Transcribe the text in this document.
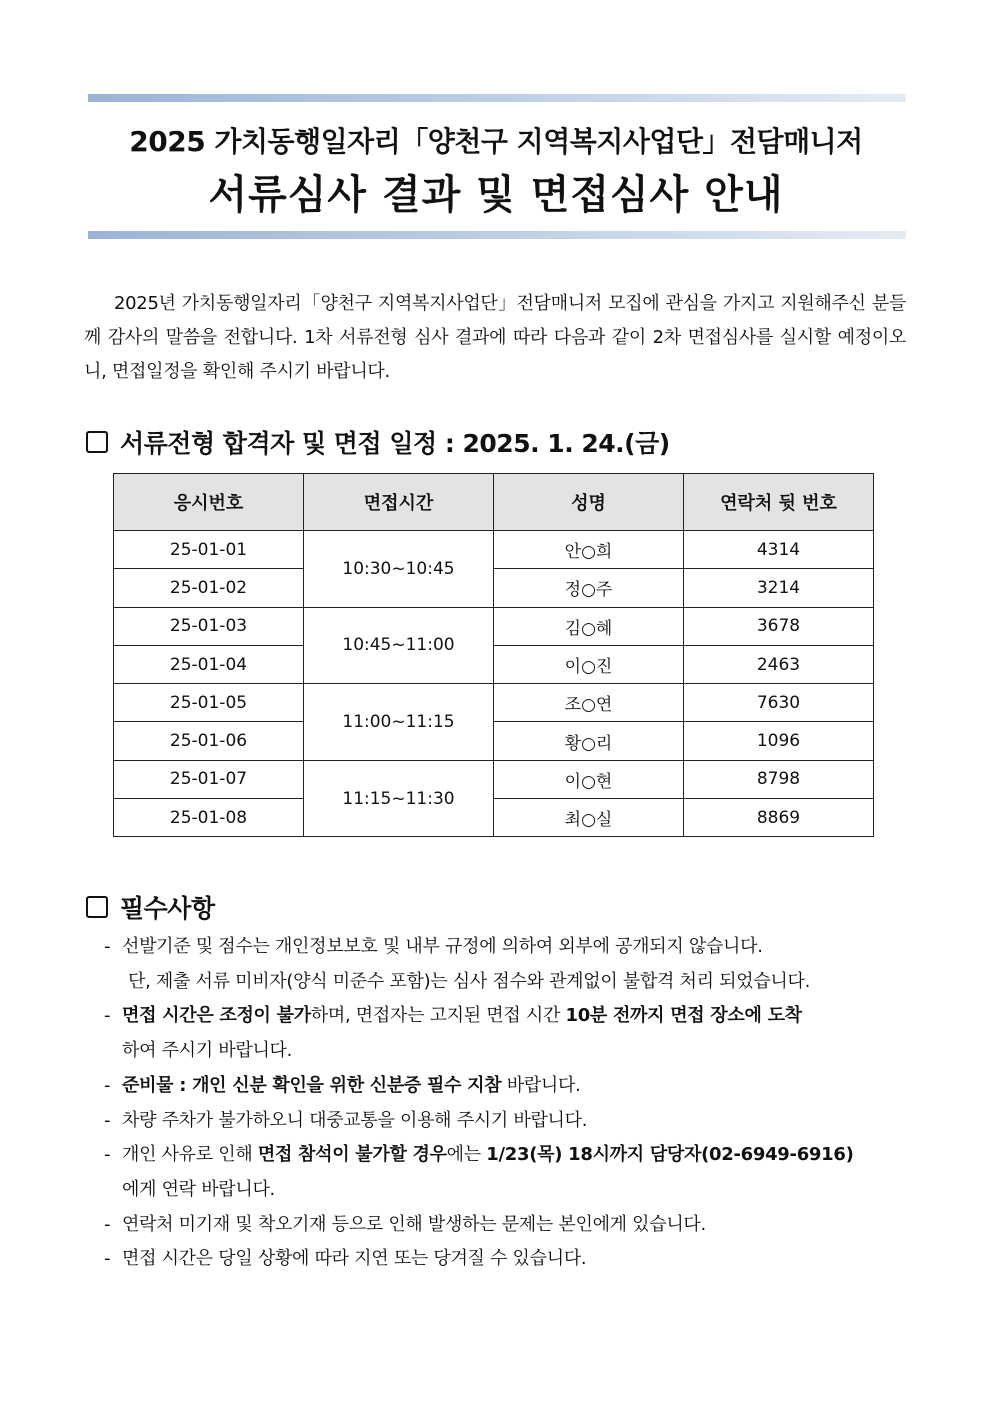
2025 가치동행일자리「양천구 지역복지사업단」전담매니저
서류심사 결과 및 면접심사 안내

2025년 가치동행일자리「양천구 지역복지사업단」전담매니저 모집에 관심을 가지고 지원해주신 분들께 감사의 말씀을 전합니다. 1차 서류전형 심사 결과에 따라 다음과 같이 2차 면접심사를 실시할 예정이오니, 면접일정을 확인해 주시기 바랍니다.

서류전형 합격자 및 면접 일정 : 2025. 1. 24.(금)
응시번호	면접시간	성명	연락처 뒷 번호
25-01-01	10:30~10:45	안○희	4314
25-01-02		정○주	3214
25-01-03	10:45~11:00	김○혜	3678
25-01-04		이○진	2463
25-01-05	11:00~11:15	조○연	7630
25-01-06		황○리	1096
25-01-07	11:15~11:30	이○현	8798
25-01-08		최○실	8869
필수사항
- 선발기준 및 점수는 개인정보보호 및 내부 규정에 의하여 외부에 공개되지 않습니다.
단, 제출 서류 미비자(양식 미준수 포함)는 심사 점수와 관계없이 불합격 처리 되었습니다.
- 면접 시간은 조정이 불가하며, 면접자는 고지된 면접 시간 10분 전까지 면접 장소에 도착
하여 주시기 바랍니다.
- 준비물 : 개인 신분 확인을 위한 신분증 필수 지참 바랍니다.
- 차량 주차가 불가하오니 대중교통을 이용해 주시기 바랍니다.
- 개인 사유로 인해 면접 참석이 불가할 경우에는 1/23(목) 18시까지 담당자(02-6949-6916)
에게 연락 바랍니다.
- 연락처 미기재 및 착오기재 등으로 인해 발생하는 문제는 본인에게 있습니다.
- 면접 시간은 당일 상황에 따라 지연 또는 당겨질 수 있습니다.
